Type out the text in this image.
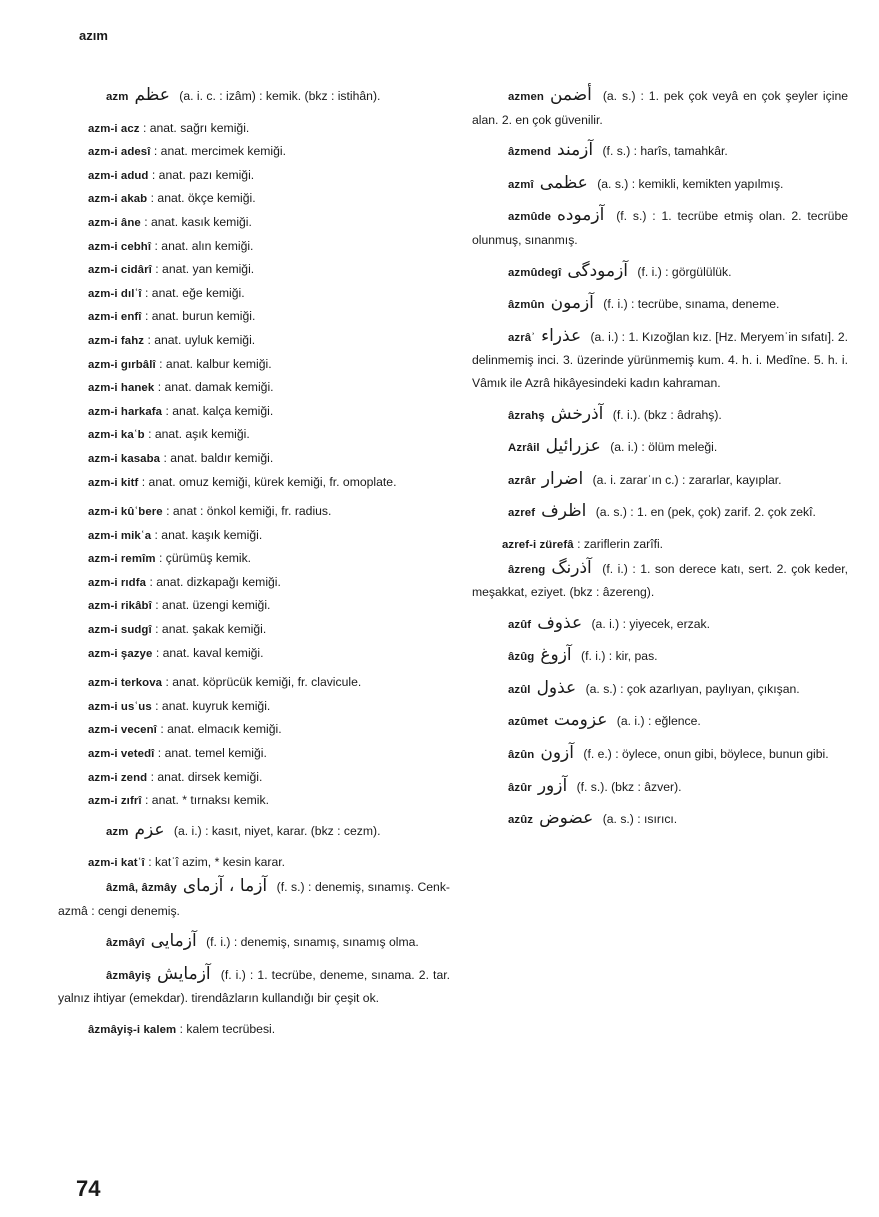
azım
azm عظم (a. i. c. : izâm) : kemik. (bkz : istihân).
azm-i acz : anat. sağrı kemiği.
azm-i adesî : anat. mercimek kemiği.
azm-i adud : anat. pazı kemiği.
azm-i akab : anat. ökçe kemiği.
azm-i âne : anat. kasık kemiği.
azm-i cebhî : anat. alın kemiği.
azm-i cidârî : anat. yan kemiği.
azm-i dılʿî : anat. eğe kemiği.
azm-i enfî : anat. burun kemiği.
azm-i fahz : anat. uyluk kemiği.
azm-i gırbâlî : anat. kalbur kemiği.
azm-i hanek : anat. damak kemiği.
azm-i harkafa : anat. kalça kemiği.
azm-i kaʿb : anat. aşık kemiği.
azm-i kasaba : anat. baldır kemiği.
azm-i kitf : anat. omuz kemiği, kürek kemiği, fr. omoplate.
azm-i kûʿbere : anat : önkol kemiği, fr. radius.
azm-i mikʿa : anat. kaşık kemiği.
azm-i remîm : çürümüş kemik.
azm-i rıdfa : anat. dizkapağı kemiği.
azm-i rikâbî : anat. üzengi kemiği.
azm-i sudgî : anat. şakak kemiği.
azm-i şazye : anat. kaval kemiği.
azm-i terkova : anat. köprücük kemiği, fr. clavicule.
azm-i usʿus : anat. kuyruk kemiği.
azm-i vecenî : anat. elmacık kemiği.
azm-i vetedî : anat. temel kemiği.
azm-i zend : anat. dirsek kemiği.
azm-i zıfrî : anat. * tırnaksı kemik.
azm عزم (a. i.) : kasıt, niyet, karar. (bkz : cezm).
azm-i katʿî : katʿî azim, * kesin karar.
âzmâ, âzmây آزما ، آزمای (f. s.) : denemiş, sınamış. Cenk-azmâ : cengi denemiş.
âzmâyî آزمایی (f. i.) : denemiş, sınamış, sınamış olma.
âzmâyiş آزمایش (f. i.) : 1. tecrübe, deneme, sınama. 2. tar. yalnız ihtiyar (emekdar). tirendâzların kullandığı bir çeşit ok.
âzmâyiş-i kalem : kalem tecrübesi.
azmen أضمن (a. s.) : 1. pek çok veyâ en çok şeyler içine alan. 2. en çok güvenilir.
âzmend آزمند (f. s.) : harîs, tamahkâr.
azmî عظمی (a. s.) : kemikli, kemikten yapılmış.
azmûde آزموده (f. s.) : 1. tecrübe etmiş olan. 2. tecrübe olunmuş, sınanmış.
azmûdegî آزمودگی (f. i.) : görgülülük.
âzmûn آزمون (f. i.) : tecrübe, sınama, deneme.
azrâʾ عذراء (a. i.) : 1. Kızoğlan kız. [Hz. Meryemʾin sıfatı]. 2. delinmemiş inci. 3. üzerinde yürünmemiş kum. 4. h. i. Medîne. 5. h. i. Vâmık ile Azrâ hikâyesindeki kadın kahraman.
âzrahş آذرخش (f. i.). (bkz : âdrahş).
Azrâil عزرائیل (a. i.) : ölüm meleği.
azrâr اضرار (a. i. zararʾın c.) : zararlar, kayıplar.
azref اظرف (a. s.) : 1. en (pek, çok) zarif. 2. çok zekî.
azref-i zürefâ : zariflerin zarîfi.
âzreng آذرنگ (f. i.) : 1. son derece katı, sert. 2. çok keder, meşakkat, eziyet. (bkz : âzereng).
azûf عذوف (a. i.) : yiyecek, erzak.
âzûg آزوغ (f. i.) : kir, pas.
azûl عذول (a. s.) : çok azarlıyan, paylıyan, çıkışan.
azûmet عزومت (a. i.) : eğlence.
âzûn آزون (f. e.) : öylece, onun gibi, böylece, bunun gibi.
âzûr آزور (f. s.). (bkz : âzver).
azûz عضوض (a. s.) : ısırıcı.
74
